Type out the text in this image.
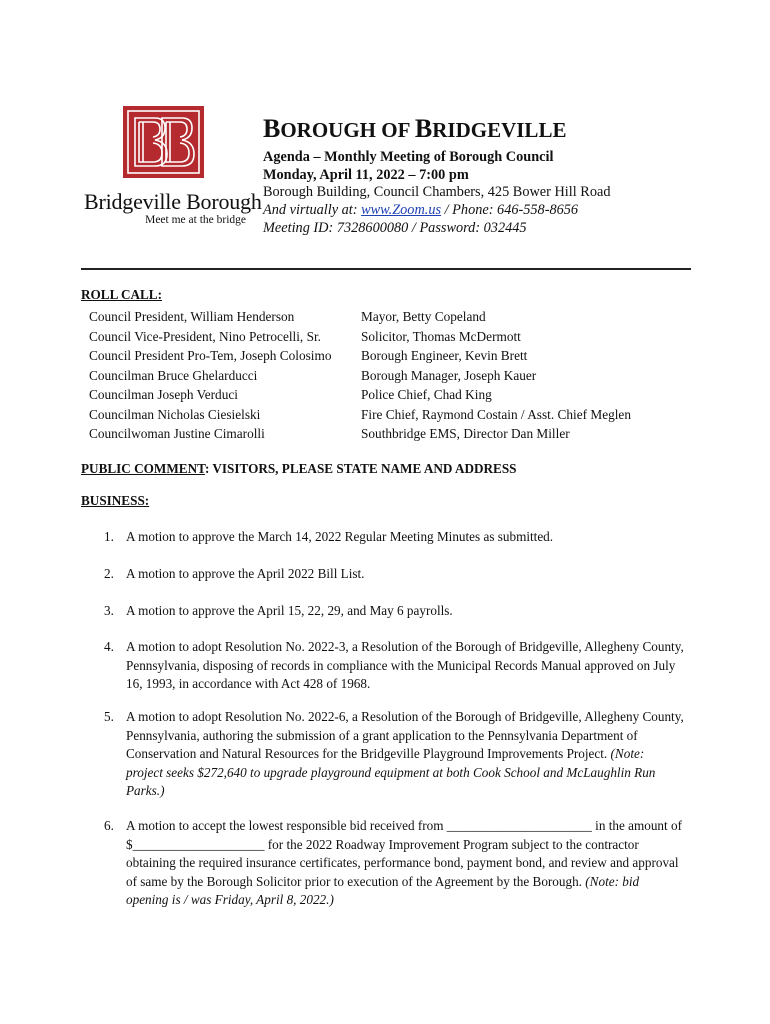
Bridgeville Borough
Meet me at the bridge
BOROUGH OF BRIDGEVILLE
Agenda – Monthly Meeting of Borough Council
Monday, April 11, 2022 – 7:00 pm
Borough Building, Council Chambers, 425 Bower Hill Road
And virtually at: www.Zoom.us / Phone: 646-558-8656
Meeting ID: 7328600080 / Password: 032445
ROLL CALL:
Council President, William Henderson
Council Vice-President, Nino Petrocelli, Sr.
Council President Pro-Tem, Joseph Colosimo
Councilman Bruce Ghelarducci
Councilman Joseph Verduci
Councilman Nicholas Ciesielski
Councilwoman Justine Cimarolli
Mayor, Betty Copeland
Solicitor, Thomas McDermott
Borough Engineer, Kevin Brett
Borough Manager, Joseph Kauer
Police Chief, Chad King
Fire Chief, Raymond Costain / Asst. Chief Meglen
Southbridge EMS, Director Dan Miller
PUBLIC COMMENT: VISITORS, PLEASE STATE NAME AND ADDRESS
BUSINESS:
1. A motion to approve the March 14, 2022 Regular Meeting Minutes as submitted.
2. A motion to approve the April 2022 Bill List.
3. A motion to approve the April 15, 22, 29, and May 6 payrolls.
4. A motion to adopt Resolution No. 2022-3, a Resolution of the Borough of Bridgeville, Allegheny County, Pennsylvania, disposing of records in compliance with the Municipal Records Manual approved on July 16, 1993, in accordance with Act 428 of 1968.
5. A motion to adopt Resolution No. 2022-6, a Resolution of the Borough of Bridgeville, Allegheny County, Pennsylvania, authoring the submission of a grant application to the Pennsylvania Department of Conservation and Natural Resources for the Bridgeville Playground Improvements Project. (Note: project seeks $272,640 to upgrade playground equipment at both Cook School and McLaughlin Run Parks.)
6. A motion to accept the lowest responsible bid received from ______________________ in the amount of $____________________ for the 2022 Roadway Improvement Program subject to the contractor obtaining the required insurance certificates, performance bond, payment bond, and review and approval of same by the Borough Solicitor prior to execution of the Agreement by the Borough. (Note: bid opening is / was Friday, April 8, 2022.)
